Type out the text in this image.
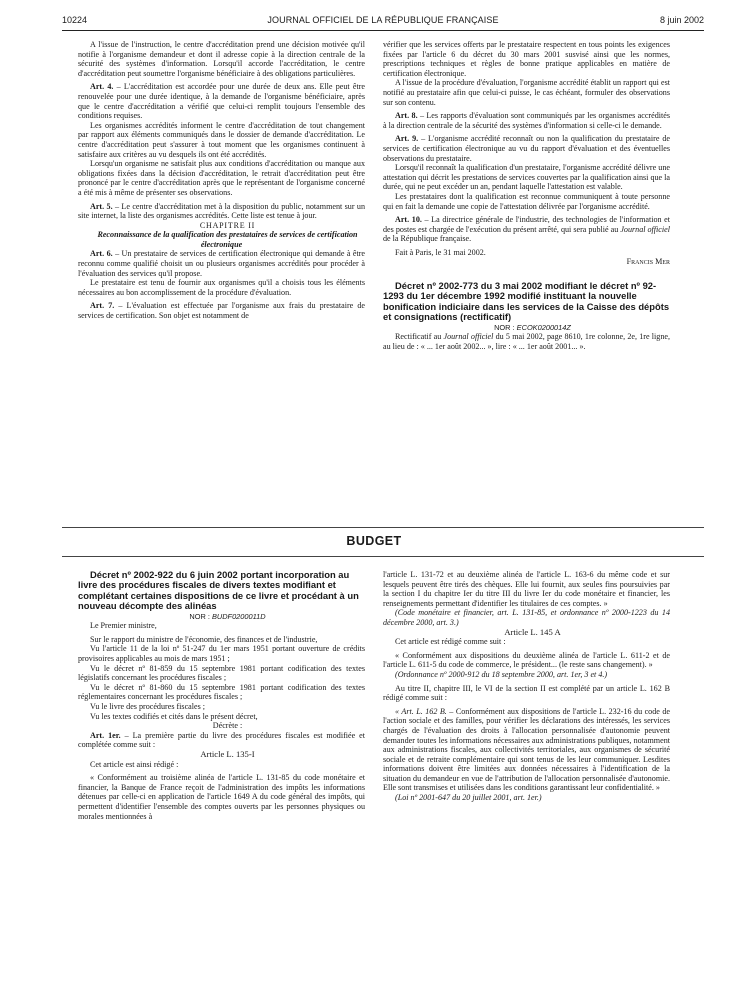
10224	JOURNAL OFFICIEL DE LA RÉPUBLIQUE FRANÇAISE	8 juin 2002

A l'issue de l'instruction, le centre d'accréditation prend une décision motivée qu'il notifie à l'organisme demandeur et dont il adresse copie à la direction centrale de la sécurité des systèmes d'information. Lorsqu'il accorde l'accréditation, le centre d'accréditation peut soumettre l'organisme bénéficiaire à des obligations particulières.

Art. 4. – L'accréditation est accordée pour une durée de deux ans. Elle peut être renouvelée pour une durée identique, à la demande de l'organisme bénéficiaire, après que le centre d'accréditation a vérifié que celui-ci remplit toujours l'ensemble des conditions requises.

Les organismes accrédités informent le centre d'accréditation de tout changement par rapport aux éléments communiqués dans le dossier de demande d'accréditation. Le centre d'accréditation peut s'assurer à tout moment que les organismes continuent à satisfaire aux critères au vu desquels ils ont été accrédités.

Lorsqu'un organisme ne satisfait plus aux conditions d'accréditation ou manque aux obligations fixées dans la décision d'accréditation, le retrait d'accréditation peut être prononcé par le centre d'accréditation après que le représentant de l'organisme concerné a été mis à même de présenter ses observations.

Art. 5. – Le centre d'accréditation met à la disposition du public, notamment sur un site internet, la liste des organismes accrédités. Cette liste est tenue à jour.

CHAPITRE II

Reconnaissance de la qualification des prestataires de services de certification électronique

Art. 6. – Un prestataire de services de certification électronique qui demande à être reconnu comme qualifié choisit un ou plusieurs organismes accrédités pour procéder à l'évaluation des services qu'il propose.

Le prestataire est tenu de fournir aux organismes qu'il a choisis tous les éléments nécessaires au bon accomplissement de la procédure d'évaluation.

Art. 7. – L'évaluation est effectuée par l'organisme aux frais du prestataire de services de certification. Son objet est notamment de

vérifier que les services offerts par le prestataire respectent en tous points les exigences fixées par l'article 6 du décret du 30 mars 2001 susvisé ainsi que les normes, prescriptions techniques et règles de bonne pratique applicables en matière de certification électronique.

A l'issue de la procédure d'évaluation, l'organisme accrédité établit un rapport qui est notifié au prestataire afin que celui-ci puisse, le cas échéant, formuler des observations sur son contenu.

Art. 8. – Les rapports d'évaluation sont communiqués par les organismes accrédités à la direction centrale de la sécurité des systèmes d'information si celle-ci le demande.

Art. 9. – L'organisme accrédité reconnaît ou non la qualification du prestataire de services de certification électronique au vu du rapport d'évaluation et des éventuelles observations du prestataire.

Lorsqu'il reconnaît la qualification d'un prestataire, l'organisme accrédité délivre une attestation qui décrit les prestations de services couvertes par la qualification ainsi que la durée, qui ne peut excéder un an, pendant laquelle l'attestation est valable.

Les prestataires dont la qualification est reconnue communiquent à toute personne qui en fait la demande une copie de l'attestation délivrée par l'organisme accrédité.

Art. 10. – La directrice générale de l'industrie, des technologies de l'information et des postes est chargée de l'exécution du présent arrêté, qui sera publié au Journal officiel de la République française.

Fait à Paris, le 31 mai 2002.

Francis Mer

Décret nº 2002-773 du 3 mai 2002 modifiant le décret nº 92-1293 du 1er décembre 1992 modifié instituant la nouvelle bonification indiciaire dans les services de la Caisse des dépôts et consignations (rectificatif)

NOR : ECOK0200014Z

Rectificatif au Journal officiel du 5 mai 2002, page 8610, 1re colonne, 2e, 1re ligne, au lieu de : « ... 1er août 2002... », lire : « ... 1er août 2001... ».

BUDGET

Décret nº 2002-922 du 6 juin 2002 portant incorporation au livre des procédures fiscales de divers textes modifiant et complétant certaines dispositions de ce livre et procédant à un nouveau décompte des alinéas

NOR : BUDF0200011D

Le Premier ministre,

Sur le rapport du ministre de l'économie, des finances et de l'industrie,

Vu l'article 11 de la loi nº 51-247 du 1er mars 1951 portant ouverture de crédits provisoires applicables au mois de mars 1951 ;

Vu le décret nº 81-859 du 15 septembre 1981 portant codification des textes législatifs concernant les procédures fiscales ;

Vu le décret nº 81-860 du 15 septembre 1981 portant codification des textes réglementaires concernant les procédures fiscales ;

Vu le livre des procédures fiscales ;

Vu les textes codifiés et cités dans le présent décret,

Décrète :

Art. 1er. – La première partie du livre des procédures fiscales est modifiée et complétée comme suit :

Article L. 135-I

Cet article est ainsi rédigé :

« Conformément au troisième alinéa de l'article L. 131-85 du code monétaire et financier, la Banque de France reçoit de l'administration des impôts les informations détenues par celle-ci en application de l'article 1649 A du code général des impôts, qui permettent d'identifier l'ensemble des comptes ouverts par les personnes physiques ou morales mentionnées à

l'article L. 131-72 et au deuxième alinéa de l'article L. 163-6 du même code et sur lesquels peuvent être tirés des chèques. Elle lui fournit, aux seules fins poursuivies par la section I du chapitre Ier du titre III du livre Ier du code monétaire et financier, les renseignements permettant d'identifier les titulaires de ces comptes. »

(Code monétaire et financier, art. L. 131-85, et ordonnance nº 2000-1223 du 14 décembre 2000, art. 3.)

Article L. 145 A

Cet article est rédigé comme suit :

« Conformément aux dispositions du deuxième alinéa de l'article L. 611-2 et de l'article L. 611-5 du code de commerce, le président... (le reste sans changement). »

(Ordonnance nº 2000-912 du 18 septembre 2000, art. 1er, 3 et 4.)

Au titre II, chapitre III, le VI de la section II est complété par un article L. 162 B rédigé comme suit :

« Art. L. 162 B. – Conformément aux dispositions de l'article L. 232-16 du code de l'action sociale et des familles, pour vérifier les déclarations des intéressés, les services chargés de l'évaluation des droits à l'allocation personnalisée d'autonomie peuvent demander toutes les informations nécessaires aux administrations publiques, notamment aux administrations fiscales, aux collectivités territoriales, aux organismes de sécurité sociale et de retraite complémentaire qui sont tenus de les leur communiquer. Lesdites informations doivent être limitées aux données nécessaires à l'identification de la situation du demandeur en vue de l'attribution de l'allocation personnalisée d'autonomie. Elle sont transmises et utilisées dans les conditions garantissant leur confidentialité. »

(Loi nº 2001-647 du 20 juillet 2001, art. 1er.)
